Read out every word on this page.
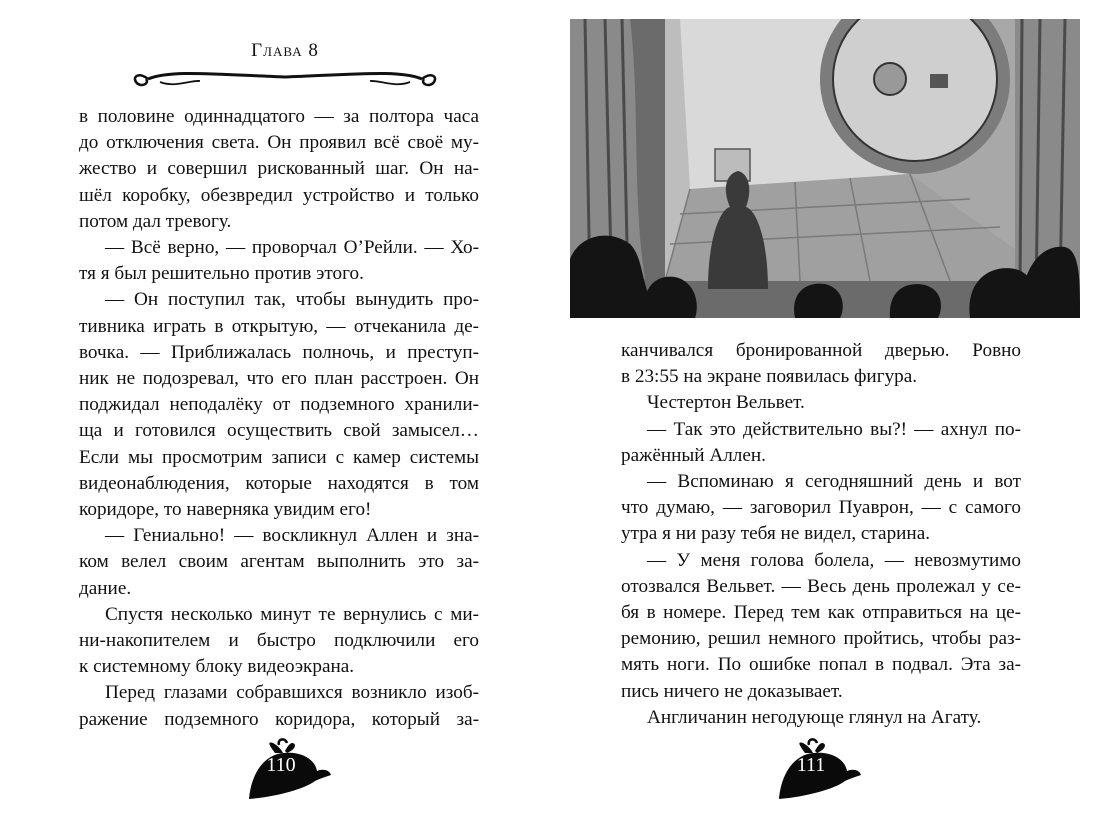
Глава 8
в половине одиннадцатого — за полтора часа
до отключения света. Он проявил всё своё му-
жество и совершил рискованный шаг. Он на-
шёл коробку, обезвредил устройство и только
потом дал тревогу.
— Всё верно, — проворчал О’Рейли. — Хо-
тя я был решительно против этого.
— Он поступил так, чтобы вынудить про-
тивника играть в открытую, — отчеканила де-
вочка. — Приближалась полночь, и преступ-
ник не подозревал, что его план расстроен. Он
поджидал неподалёку от подземного хранили-
ща и готовился осуществить свой замысел…
Если мы просмотрим записи с камер системы
видеонаблюдения, которые находятся в том
коридоре, то наверняка увидим его!
— Гениально! — воскликнул Аллен и зна-
ком велел своим агентам выполнить это за-
дание.
Спустя несколько минут те вернулись с ми-
ни-накопителем и быстро подключили его
к системному блоку видеоэкрана.
Перед глазами собравшихся возникло изоб-
ражение подземного коридора, который за-
110
канчивался бронированной дверью. Ровно
в 23:55 на экране появилась фигура.
Честертон Вельвет.
— Так это действительно вы?! — ахнул по-
ражённый Аллен.
— Вспоминаю я сегодняшний день и вот
что думаю, — заговорил Пуаврон, — с самого
утра я ни разу тебя не видел, старина.
— У меня голова болела, — невозмутимо
отозвался Вельвет. — Весь день пролежал у се-
бя в номере. Перед тем как отправиться на це-
ремонию, решил немного пройтись, чтобы раз-
мять ноги. По ошибке попал в подвал. Эта за-
пись ничего не доказывает.
Англичанин негодующе глянул на Агату.
111
